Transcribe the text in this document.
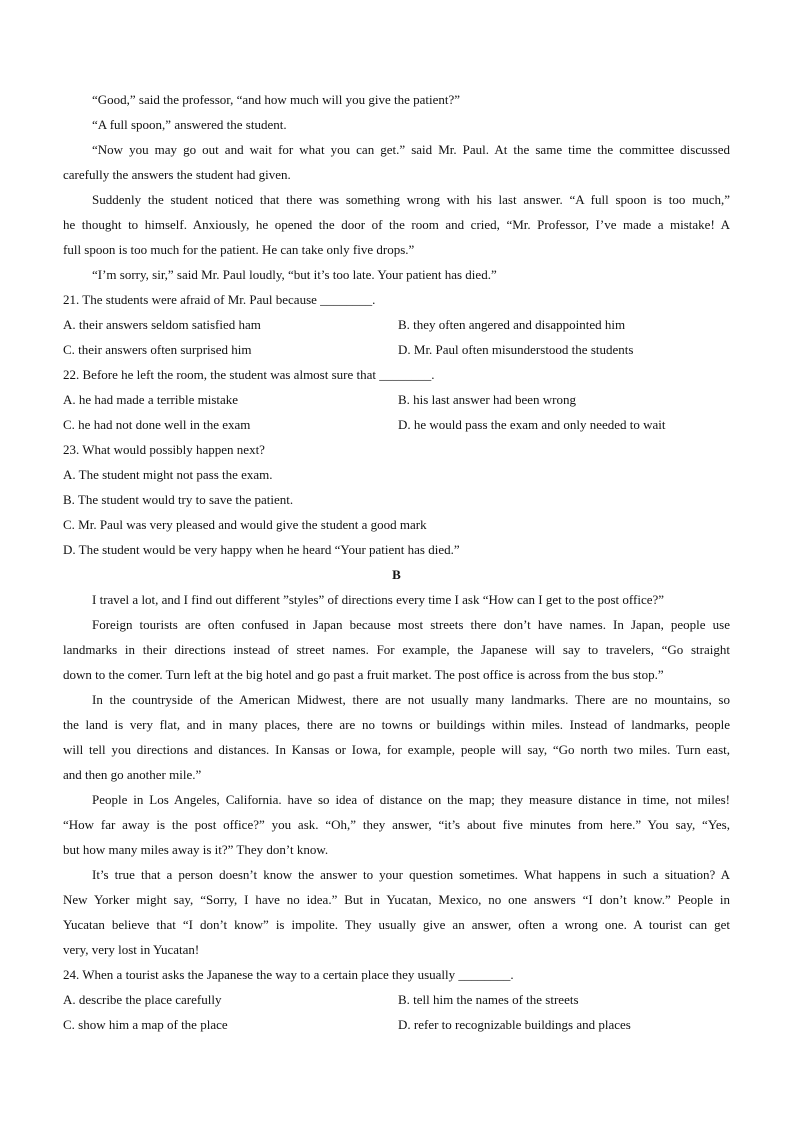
“Good,” said the professor, “and how much will you give the patient?”
“A full spoon,” answered the student.
“Now you may go out and wait for what you can get.” said Mr. Paul. At the same time the committee discussed
carefully the answers the student had given.
Suddenly the student noticed that there was something wrong with his last answer. “A full spoon is too much,”
he thought to himself. Anxiously, he opened the door of the room and cried, “Mr. Professor, I’ve made a mistake! A
full spoon is too much for the patient. He can take only five drops.”
“I’m sorry, sir,” said Mr. Paul loudly, “but it’s too late. Your patient has died.”
21. The students were afraid of Mr. Paul because ________.
A. their answers seldom satisfied ham	B. they often angered and disappointed him
C. their answers often surprised him	D. Mr. Paul often misunderstood the students
22. Before he left the room, the student was almost sure that ________.
A. he had made a terrible mistake	B. his last answer had been wrong
C. he had not done well in the exam	D. he would pass the exam and only needed to wait
23. What would possibly happen next?
A. The student might not pass the exam.
B. The student would try to save the patient.
C. Mr. Paul was very pleased and would give the student a good mark
D. The student would be very happy when he heard “Your patient has died.”
B
I travel a lot, and I find out different ”styles” of directions every time I ask “How can I get to the post office?”
Foreign tourists are often confused in Japan because most streets there don’t have names. In Japan, people use
landmarks in their directions instead of street names. For example, the Japanese will say to travelers, “Go straight
down to the comer. Turn left at the big hotel and go past a fruit market. The post office is across from the bus stop.”
In the countryside of the American Midwest, there are not usually many landmarks. There are no mountains, so
the land is very flat, and in many places, there are no towns or buildings within miles. Instead of landmarks, people
will tell you directions and distances. In Kansas or Iowa, for example, people will say, “Go north two miles. Turn east,
and then go another mile.”
People in Los Angeles, California. have so idea of distance on the map; they measure distance in time, not miles!
“How far away is the post office?” you ask. “Oh,” they answer, “it’s about five minutes from here.” You say, “Yes,
but how many miles away is it?” They don’t know.
It’s true that a person doesn’t know the answer to your question sometimes. What happens in such a situation? A
New Yorker might say, “Sorry, I have no idea.” But in Yucatan, Mexico, no one answers “I don’t know.” People in
Yucatan believe that “I don’t know” is impolite. They usually give an answer, often a wrong one. A tourist can get
very, very lost in Yucatan!
24. When a tourist asks the Japanese the way to a certain place they usually ________.
A. describe the place carefully	B. tell him the names of the streets
C. show him a map of the place	D. refer to recognizable buildings and places
